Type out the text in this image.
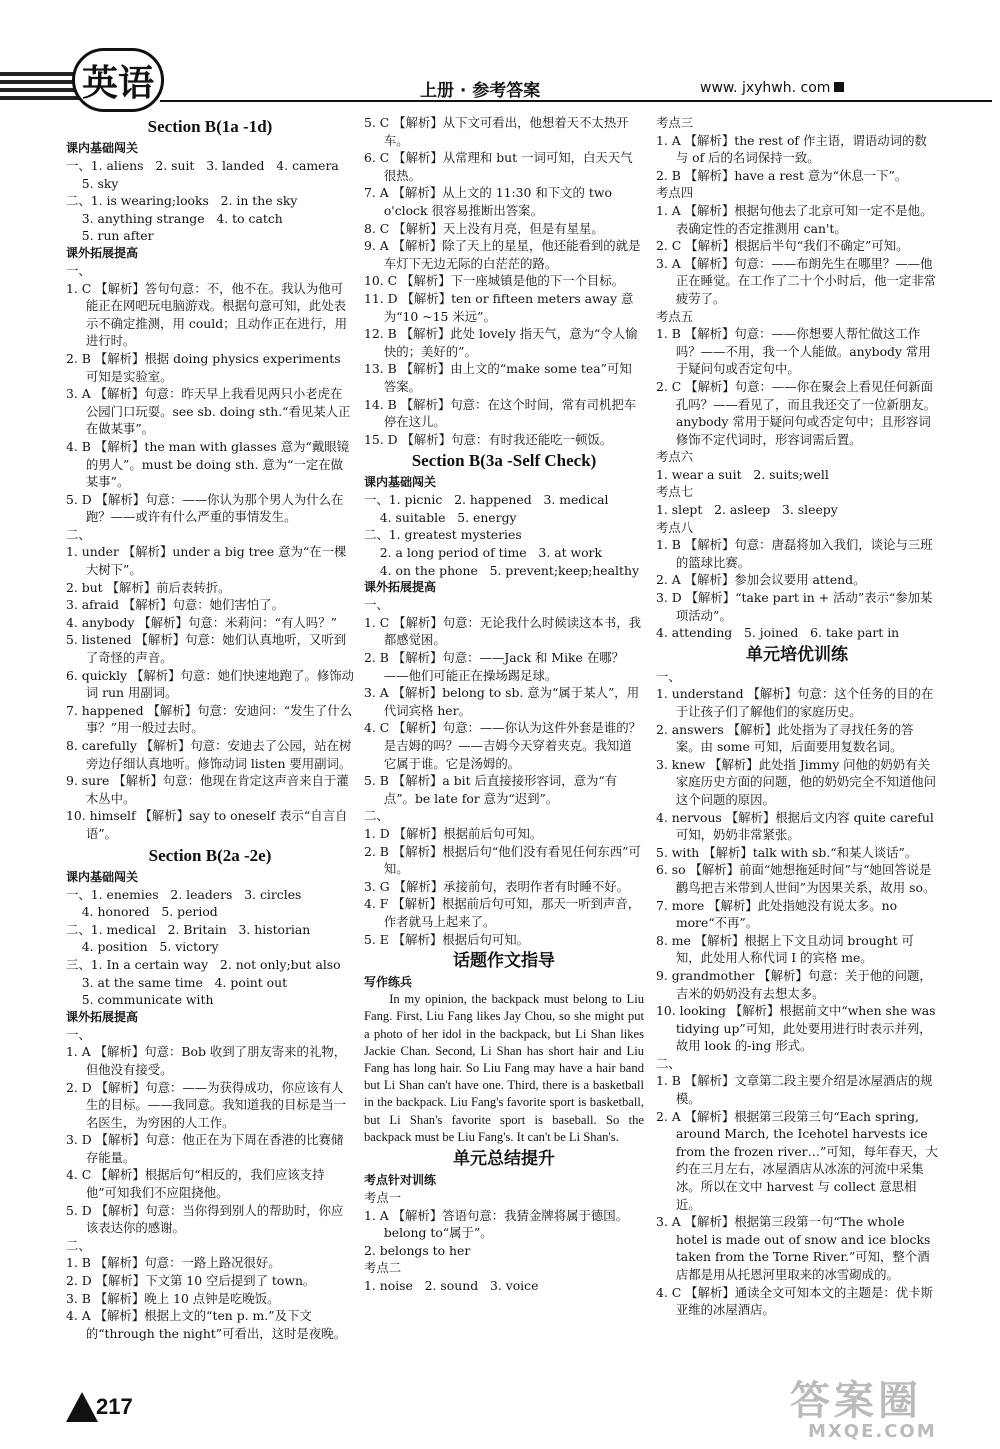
英语	上册 · 参考答案	www. jxyhwh. com
Section B(1a -1d)
课内基础闯关
一、1. aliens   2. suit   3. landed   4. camera
5. sky
二、1. is wearing;looks   2. in the sky
3. anything strange   4. to catch
5. run after
课外拓展提高
一、
1. C 【解析】答句句意：不，他不在。我认为他可能正在网吧玩电脑游戏。根据句意可知，此处表示不确定推测，用 could；且动作正在进行，用进行时。
2. B 【解析】根据 doing physics experiments 可知是实验室。
3. A 【解析】句意：昨天早上我看见两只小老虎在公园门口玩耍。see sb. doing sth.“看见某人正在做某事”。
4. B 【解析】the man with glasses 意为“戴眼镜的男人”。must be doing sth. 意为“一定在做某事”。
5. D 【解析】句意：——你认为那个男人为什么在跑？——或许有什么严重的事情发生。
二、
1. under 【解析】under a big tree 意为“在一棵大树下”。
2. but 【解析】前后表转折。
3. afraid 【解析】句意：她们害怕了。
4. anybody 【解析】句意：米莉问：“有人吗？”
5. listened 【解析】句意：她们认真地听，又听到了奇怪的声音。
6. quickly 【解析】句意：她们快速地跑了。修饰动词 run 用副词。
7. happened 【解析】句意：安迪问：“发生了什么事？”用一般过去时。
8. carefully 【解析】句意：安迪去了公园，站在树旁边仔细认真地听。修饰动词 listen 要用副词。
9. sure 【解析】句意：他现在肯定这声音来自于灌木丛中。
10. himself 【解析】say to oneself 表示“自言自语”。
Section B(2a -2e)
课内基础闯关
一、1. enemies   2. leaders   3. circles
4. honored   5. period
二、1. medical   2. Britain   3. historian
4. position   5. victory
三、1. In a certain way   2. not only;but also
3. at the same time   4. point out
5. communicate with
课外拓展提高
一、
1. A 【解析】句意：Bob 收到了朋友寄来的礼物，但他没有接受。
2. D 【解析】句意：——为获得成功，你应该有人生的目标。——我同意。我知道我的目标是当一名医生，为穷困的人工作。
3. D 【解析】句意：他正在为下周在香港的比赛储存能量。
4. C 【解析】根据后句“相反的，我们应该支持他”可知我们不应阻挠他。
5. D 【解析】句意：当你得到别人的帮助时，你应该表达你的感谢。
二、
1. B 【解析】句意：一路上路况很好。
2. D 【解析】下文第 10 空后提到了 town。
3. B 【解析】晚上 10 点钟是吃晚饭。
4. A 【解析】根据上文的“ten p. m.”及下文的“through the night”可看出，这时是夜晚。
5. C 【解析】从下文可看出，他想着天不太热开车。
6. C 【解析】从常理和 but 一词可知，白天天气很热。
7. A 【解析】从上文的 11:30 和下文的 two o'clock 很容易推断出答案。
8. C 【解析】天上没有月亮，但是有星星。
9. A 【解析】除了天上的星星，他还能看到的就是车灯下无边无际的白茫茫的路。
10. C 【解析】下一座城镇是他的下一个目标。
11. D 【解析】ten or fifteen meters away 意为“10 ~15 米远”。
12. B 【解析】此处 lovely 指天气，意为“令人愉快的；美好的”。
13. B 【解析】由上文的“make some tea”可知答案。
14. B 【解析】句意：在这个时间，常有司机把车停在这儿。
15. D 【解析】句意：有时我还能吃一顿饭。
Section B(3a -Self Check)
课内基础闯关
一、1. picnic   2. happened   3. medical
4. suitable   5. energy
二、1. greatest mysteries
2. a long period of time   3. at work
4. on the phone   5. prevent;keep;healthy
课外拓展提高
一、
1. C 【解析】句意：无论我什么时候读这本书，我都感觉困。
2. B 【解析】句意：——Jack 和 Mike 在哪？——他们可能正在操场踢足球。
3. A 【解析】belong to sb. 意为“属于某人”，用代词宾格 her。
4. C 【解析】句意：——你认为这件外套是谁的？是吉姆的吗？——吉姆今天穿着夹克。我知道它属于谁。它是汤姆的。
5. B 【解析】a bit 后直接接形容词，意为“有点”。be late for 意为“迟到”。
二、
1. D 【解析】根据前后句可知。
2. B 【解析】根据后句“他们没有看见任何东西”可知。
3. G 【解析】承接前句，表明作者有时睡不好。
4. F 【解析】根据前后句可知，那天一听到声音，作者就马上起来了。
5. E 【解析】根据后句可知。
话题作文指导
写作练兵
In my opinion, the backpack must belong to Liu Fang. First, Liu Fang likes Jay Chou, so she might put a photo of her idol in the backpack, but Li Shan likes Jackie Chan. Second, Li Shan has short hair and Liu Fang has long hair. So Liu Fang may have a hair band but Li Shan can't have one. Third, there is a basketball in the backpack. Liu Fang's favorite sport is basketball, but Li Shan's favorite sport is baseball. So the backpack must be Liu Fang's. It can't be Li Shan's.
单元总结提升
考点针对训练
考点一
1. A 【解析】答语句意：我猜金牌将属于德国。belong to“属于”。
2. belongs to her
考点二
1. noise   2. sound   3. voice
考点三
1. A 【解析】the rest of 作主语，谓语动词的数与 of 后的名词保持一致。
2. B 【解析】have a rest 意为“休息一下”。
考点四
1. A 【解析】根据句他去了北京可知一定不是他。表确定性的否定推测用 can't。
2. C 【解析】根据后半句“我们不确定”可知。
3. A 【解析】句意：——布朗先生在哪里？——他正在睡觉。在工作了二十个小时后，他一定非常疲劳了。
考点五
1. B 【解析】句意：——你想要人帮忙做这工作吗？——不用，我一个人能做。anybody 常用于疑问句或否定句中。
2. C 【解析】句意：——你在聚会上看见任何新面孔吗？——看见了，而且我还交了一位新朋友。anybody 常用于疑问句或否定句中；且形容词修饰不定代词时，形容词需后置。
考点六
1. wear a suit   2. suits;well
考点七
1. slept   2. asleep   3. sleepy
考点八
1. B 【解析】句意：唐磊将加入我们，谈论与三班的篮球比赛。
2. A 【解析】参加会议要用 attend。
3. D 【解析】“take part in + 活动”表示“参加某项活动”。
4. attending   5. joined   6. take part in
单元培优训练
一、
1. understand 【解析】句意：这个任务的目的在于让孩子们了解他们的家庭历史。
2. answers 【解析】此处指为了寻找任务的答案。由 some 可知，后面要用复数名词。
3. knew 【解析】此处指 Jimmy 问他的奶奶有关家庭历史方面的问题，他的奶奶完全不知道他问这个问题的原因。
4. nervous 【解析】根据后文内容 quite careful 可知，奶奶非常紧张。
5. with 【解析】talk with sb.“和某人谈话”。
6. so 【解析】前面“她想拖延时间”与“她回答说是鹳鸟把吉米带到人世间”为因果关系，故用 so。
7. more 【解析】此处指她没有说太多。no more“不再”。
8. me 【解析】根据上下文且动词 brought 可知，此处用人称代词 I 的宾格 me。
9. grandmother 【解析】句意：关于他的问题，吉米的奶奶没有去想太多。
10. looking 【解析】根据前文中“when she was tidying up”可知，此处要用进行时表示并列，故用 look 的-ing 形式。
二、
1. B 【解析】文章第二段主要介绍是冰屋酒店的规模。
2. A 【解析】根据第三段第三句“Each spring, around March, the Icehotel harvests ice from the frozen river…”可知，每年春天，大约在三月左右，冰屋酒店从冰冻的河流中采集冰。所以在文中 harvest 与 collect 意思相近。
3. A 【解析】根据第三段第一句“The whole hotel is made out of snow and ice blocks taken from the Torne River.”可知，整个酒店都是用从托恩河里取来的冰雪砌成的。
4. C 【解析】通读全文可知本文的主题是：优卡斯亚维的冰屋酒店。
217	答案圈
MXQE.COM
